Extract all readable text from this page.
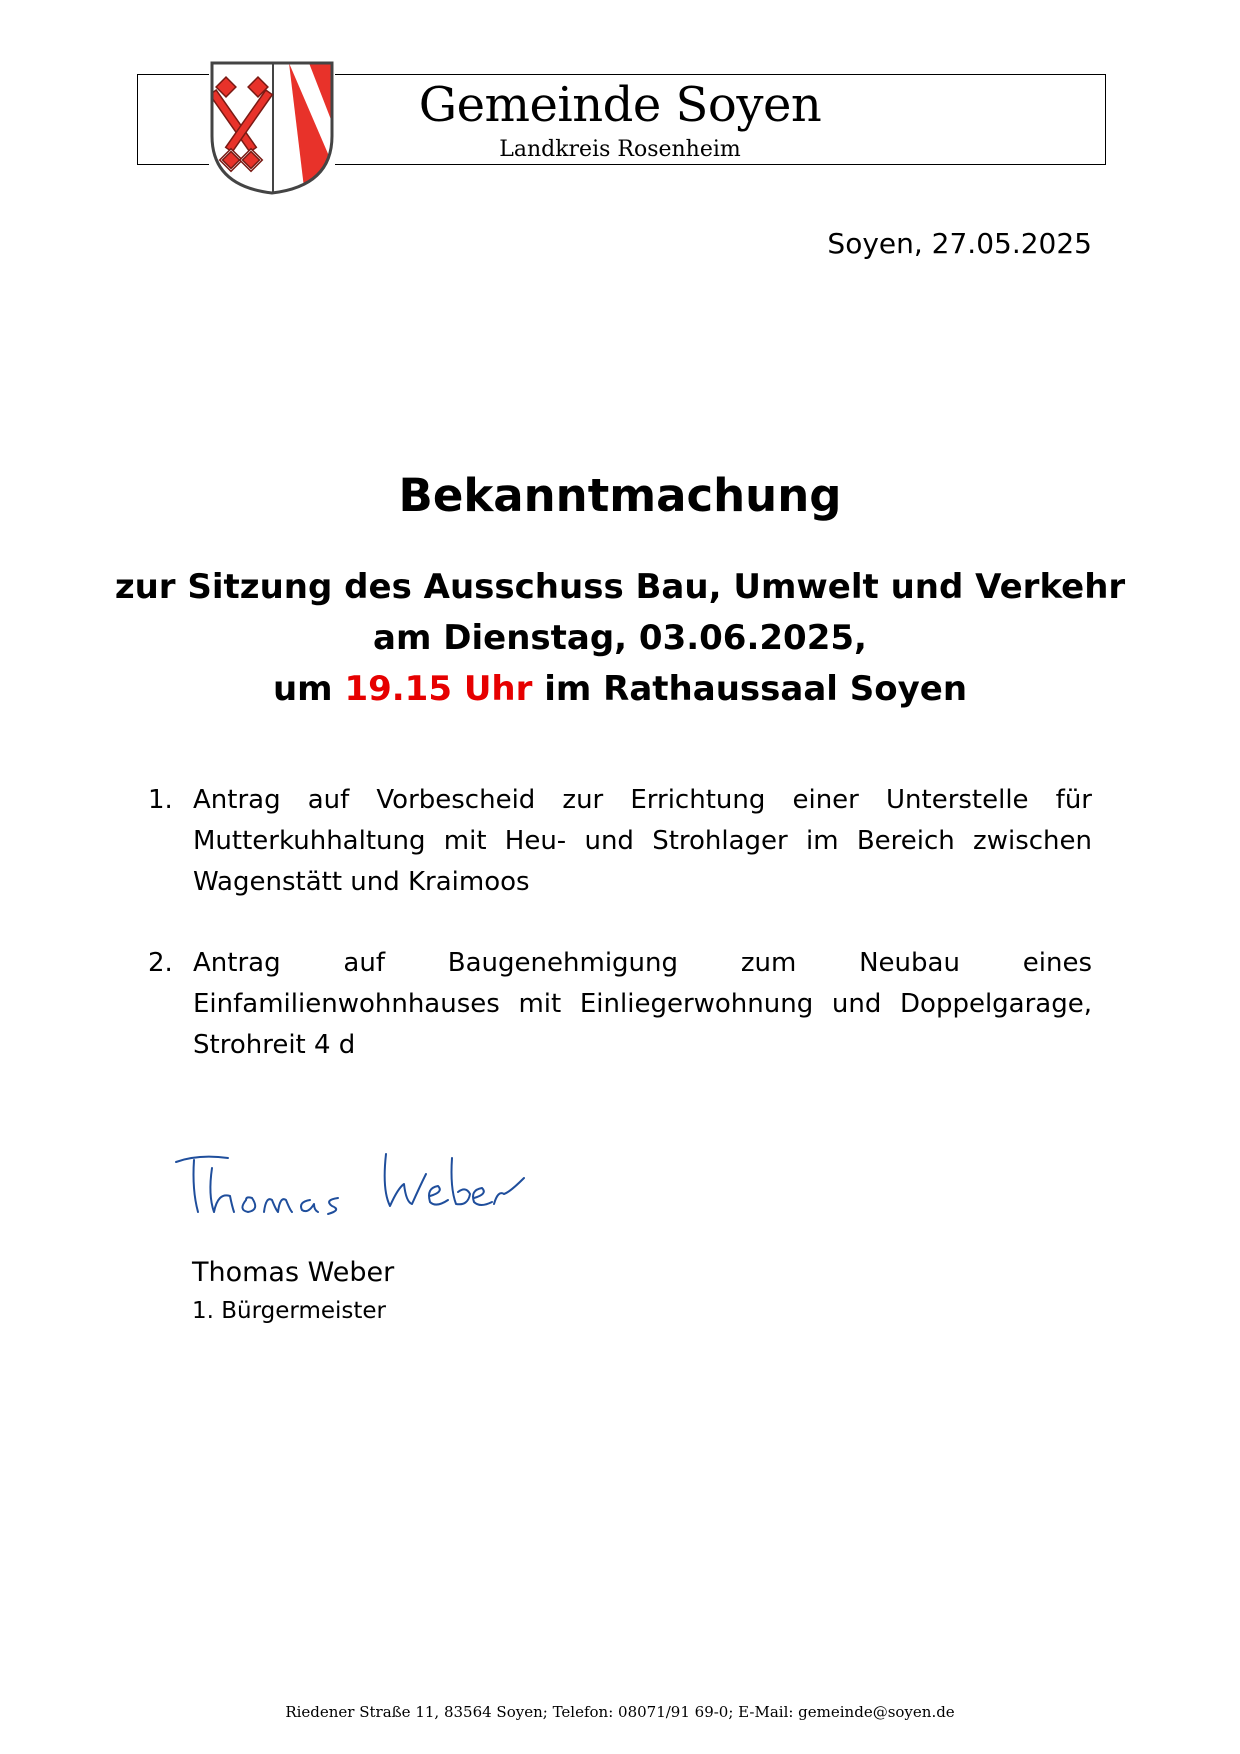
Gemeinde Soyen
Landkreis Rosenheim
Soyen, 27.05.2025
Bekanntmachung
zur Sitzung des Ausschuss Bau, Umwelt und Verkehr
am Dienstag, 03.06.2025,
um 19.15 Uhr im Rathaussaal Soyen
1. Antrag auf Vorbescheid zur Errichtung einer Unterstelle für Mutterkuhhaltung mit Heu- und Strohlager im Bereich zwischen Wagenstätt und Kraimoos
2. Antrag auf Baugenehmigung zum Neubau eines Einfamilienwohnhauses mit Einliegerwohnung und Doppelgarage, Strohreit 4 d
Thomas Weber
1. Bürgermeister
Riedener Straße 11, 83564 Soyen; Telefon: 08071/91 69-0; E-Mail: gemeinde@soyen.de
